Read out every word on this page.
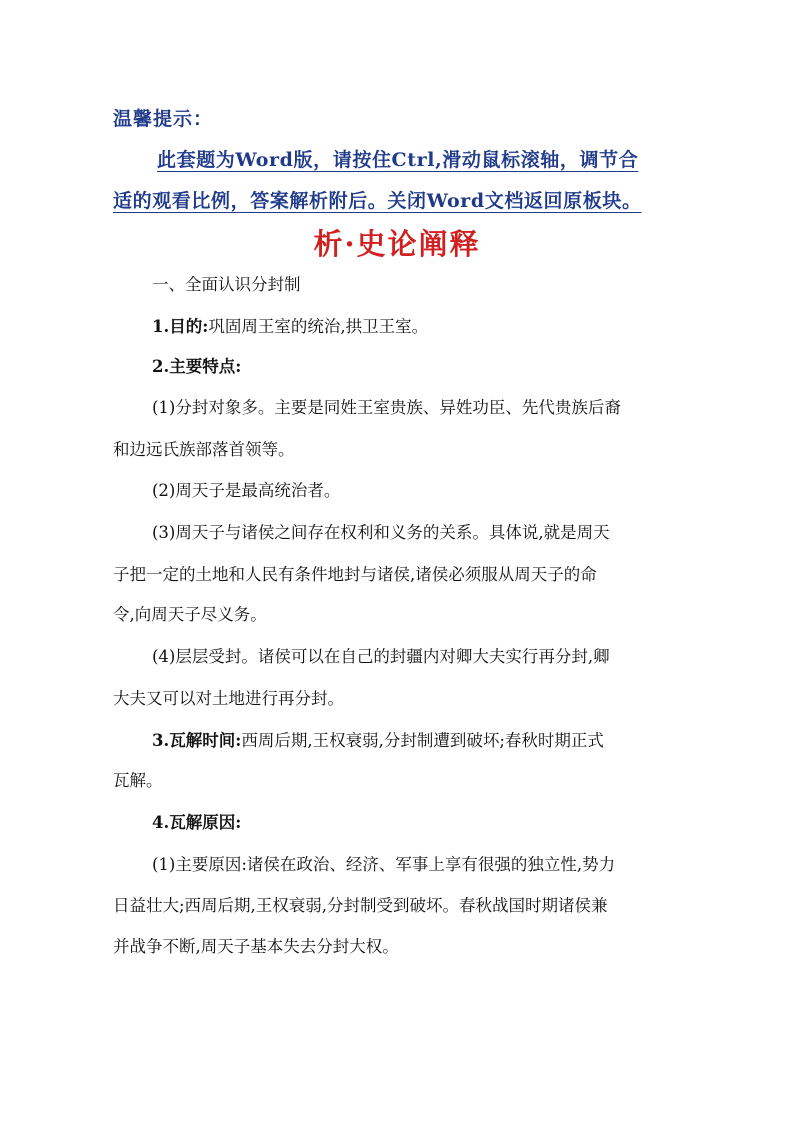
温馨提示：
此套题为Word版，请按住Ctrl,滑动鼠标滚轴，调节合
适的观看比例，答案解析附后。关闭Word文档返回原板块。
析·史论阐释
一、全面认识分封制
1.目的:巩固周王室的统治,拱卫王室。
2.主要特点:
(1)分封对象多。主要是同姓王室贵族、异姓功臣、先代贵族后裔
和边远氏族部落首领等。
(2)周天子是最高统治者。
(3)周天子与诸侯之间存在权利和义务的关系。具体说,就是周天
子把一定的土地和人民有条件地封与诸侯,诸侯必须服从周天子的命
令,向周天子尽义务。
(4)层层受封。诸侯可以在自己的封疆内对卿大夫实行再分封,卿
大夫又可以对土地进行再分封。
3.瓦解时间:西周后期,王权衰弱,分封制遭到破坏;春秋时期正式
瓦解。
4.瓦解原因:
(1)主要原因:诸侯在政治、经济、军事上享有很强的独立性,势力
日益壮大;西周后期,王权衰弱,分封制受到破坏。春秋战国时期诸侯兼
并战争不断,周天子基本失去分封大权。
